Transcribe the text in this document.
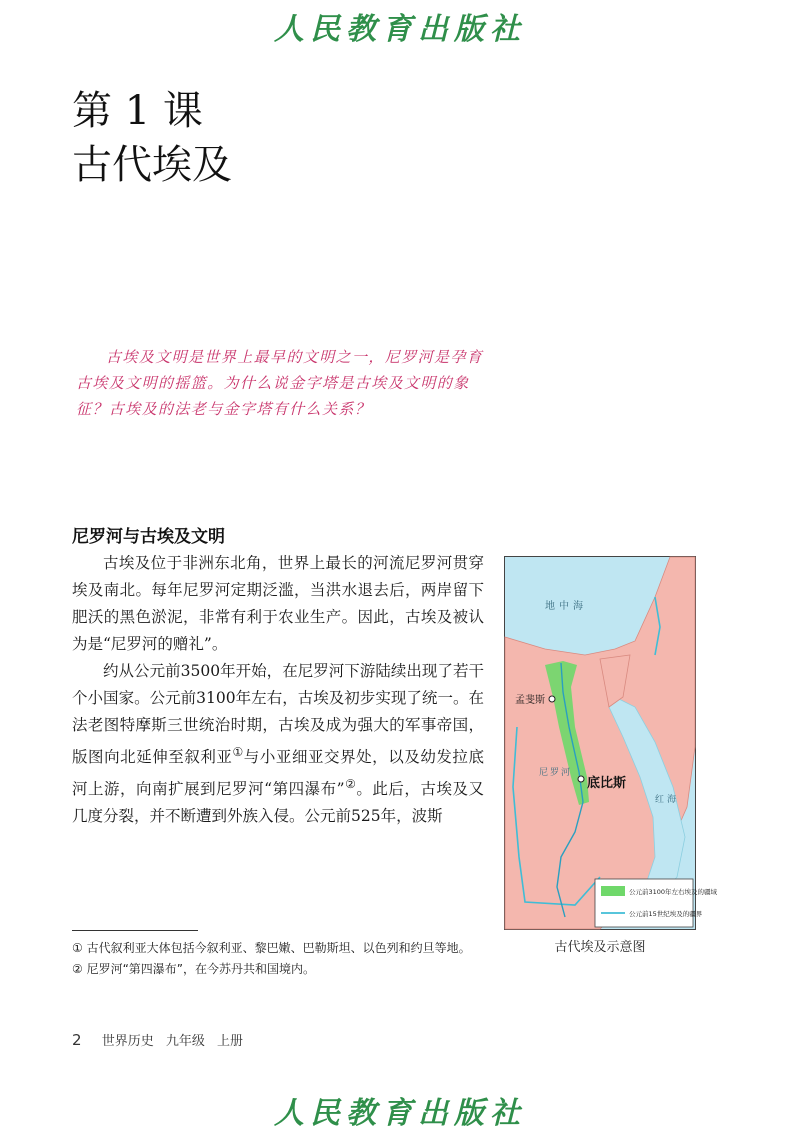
人民教育出版社
第 1 课
古代埃及

古埃及文明是世界上最早的文明之一，尼罗河是孕育古埃及文明的摇篮。为什么说金字塔是古埃及文明的象征？古埃及的法老与金字塔有什么关系？

尼罗河与古埃及文明

古埃及位于非洲东北角，世界上最长的河流尼罗河贯穿埃及南北。每年尼罗河定期泛滥，当洪水退去后，两岸留下肥沃的黑色淤泥，非常有利于农业生产。因此，古埃及被认为是“尼罗河的赠礼”。

约从公元前3500年开始，在尼罗河下游陆续出现了若干个小国家。公元前3100年左右，古埃及初步实现了统一。在法老图特摩斯三世统治时期，古埃及成为强大的军事帝国，版图向北延伸至叙利亚①与小亚细亚交界处，以及幼发拉底河上游，向南扩展到尼罗河“第四瀑布”②。此后，古埃及又几度分裂，并不断遭到外族入侵。公元前525年，波斯

① 古代叙利亚大体包括今叙利亚、黎巴嫩、巴勒斯坦、以色列和约旦等地。

② 尼罗河“第四瀑布”，在今苏丹共和国境内。

2 世界历史 九年级 上册
地中海
尼罗河
红海
孟斐斯
底比斯
公元前3100年左右埃及的疆域
公元前15世纪埃及的疆界
古代埃及示意图
人民教育出版社
